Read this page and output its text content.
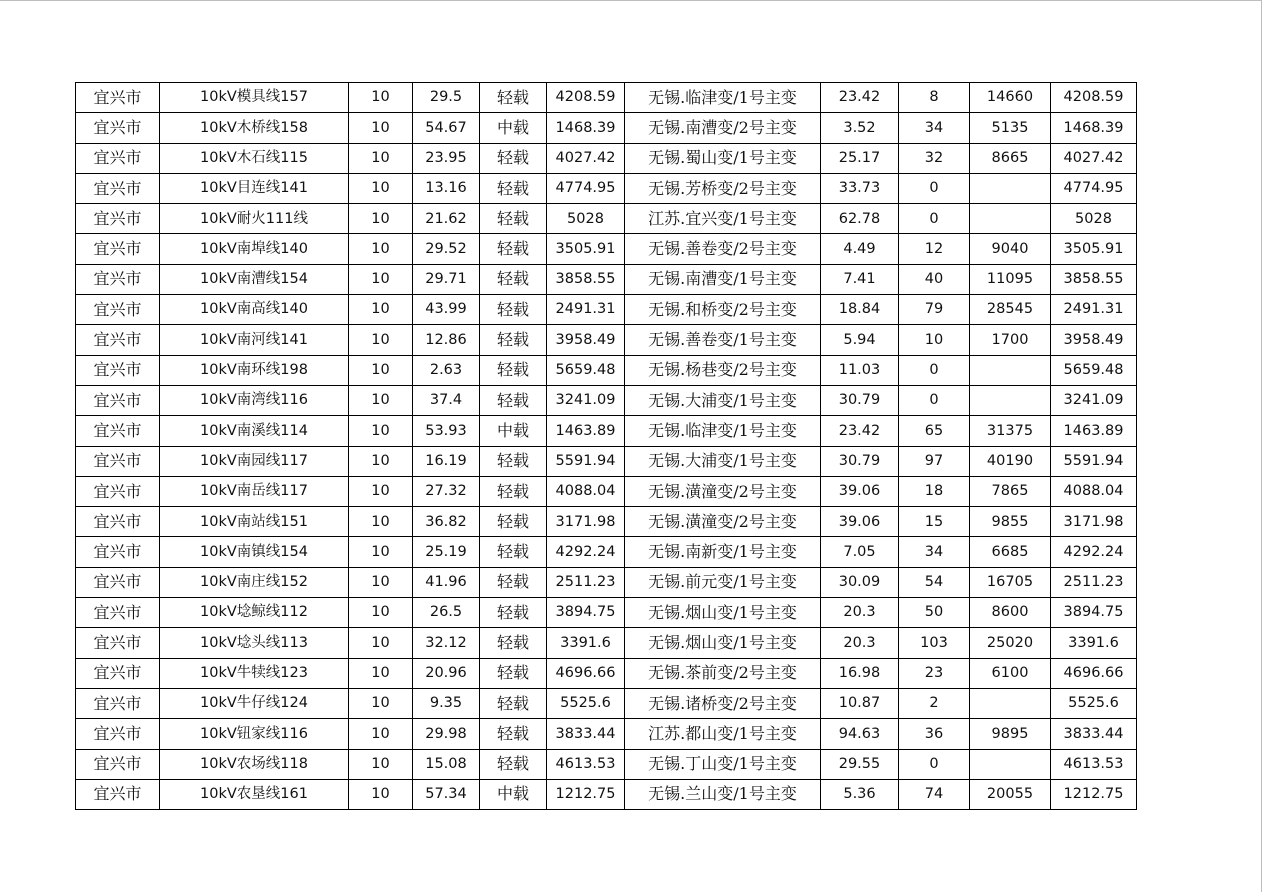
宜兴市	10kV模具线157	10	29.5	轻载	4208.59	无锡.临津变/1号主变	23.42	8	14660	4208.59
宜兴市	10kV木桥线158	10	54.67	中载	1468.39	无锡.南漕变/2号主变	3.52	34	5135	1468.39
宜兴市	10kV木石线115	10	23.95	轻载	4027.42	无锡.蜀山变/1号主变	25.17	32	8665	4027.42
宜兴市	10kV目连线141	10	13.16	轻载	4774.95	无锡.芳桥变/2号主变	33.73	0		4774.95
宜兴市	10kV耐火111线	10	21.62	轻载	5028	江苏.宜兴变/1号主变	62.78	0		5028
宜兴市	10kV南埠线140	10	29.52	轻载	3505.91	无锡.善卷变/2号主变	4.49	12	9040	3505.91
宜兴市	10kV南漕线154	10	29.71	轻载	3858.55	无锡.南漕变/1号主变	7.41	40	11095	3858.55
宜兴市	10kV南高线140	10	43.99	轻载	2491.31	无锡.和桥变/2号主变	18.84	79	28545	2491.31
宜兴市	10kV南河线141	10	12.86	轻载	3958.49	无锡.善卷变/1号主变	5.94	10	1700	3958.49
宜兴市	10kV南环线198	10	2.63	轻载	5659.48	无锡.杨巷变/2号主变	11.03	0		5659.48
宜兴市	10kV南湾线116	10	37.4	轻载	3241.09	无锡.大浦变/1号主变	30.79	0		3241.09
宜兴市	10kV南溪线114	10	53.93	中载	1463.89	无锡.临津变/1号主变	23.42	65	31375	1463.89
宜兴市	10kV南园线117	10	16.19	轻载	5591.94	无锡.大浦变/1号主变	30.79	97	40190	5591.94
宜兴市	10kV南岳线117	10	27.32	轻载	4088.04	无锡.潢潼变/2号主变	39.06	18	7865	4088.04
宜兴市	10kV南站线151	10	36.82	轻载	3171.98	无锡.潢潼变/2号主变	39.06	15	9855	3171.98
宜兴市	10kV南镇线154	10	25.19	轻载	4292.24	无锡.南新变/1号主变	7.05	34	6685	4292.24
宜兴市	10kV南庄线152	10	41.96	轻载	2511.23	无锡.前元变/1号主变	30.09	54	16705	2511.23
宜兴市	10kV埝鲸线112	10	26.5	轻载	3894.75	无锡.烟山变/1号主变	20.3	50	8600	3894.75
宜兴市	10kV埝头线113	10	32.12	轻载	3391.6	无锡.烟山变/1号主变	20.3	103	25020	3391.6
宜兴市	10kV牛犊线123	10	20.96	轻载	4696.66	无锡.茶前变/2号主变	16.98	23	6100	4696.66
宜兴市	10kV牛仔线124	10	9.35	轻载	5525.6	无锡.诸桥变/2号主变	10.87	2		5525.6
宜兴市	10kV钮家线116	10	29.98	轻载	3833.44	江苏.都山变/1号主变	94.63	36	9895	3833.44
宜兴市	10kV农场线118	10	15.08	轻载	4613.53	无锡.丁山变/1号主变	29.55	0		4613.53
宜兴市	10kV农垦线161	10	57.34	中载	1212.75	无锡.兰山变/1号主变	5.36	74	20055	1212.75
